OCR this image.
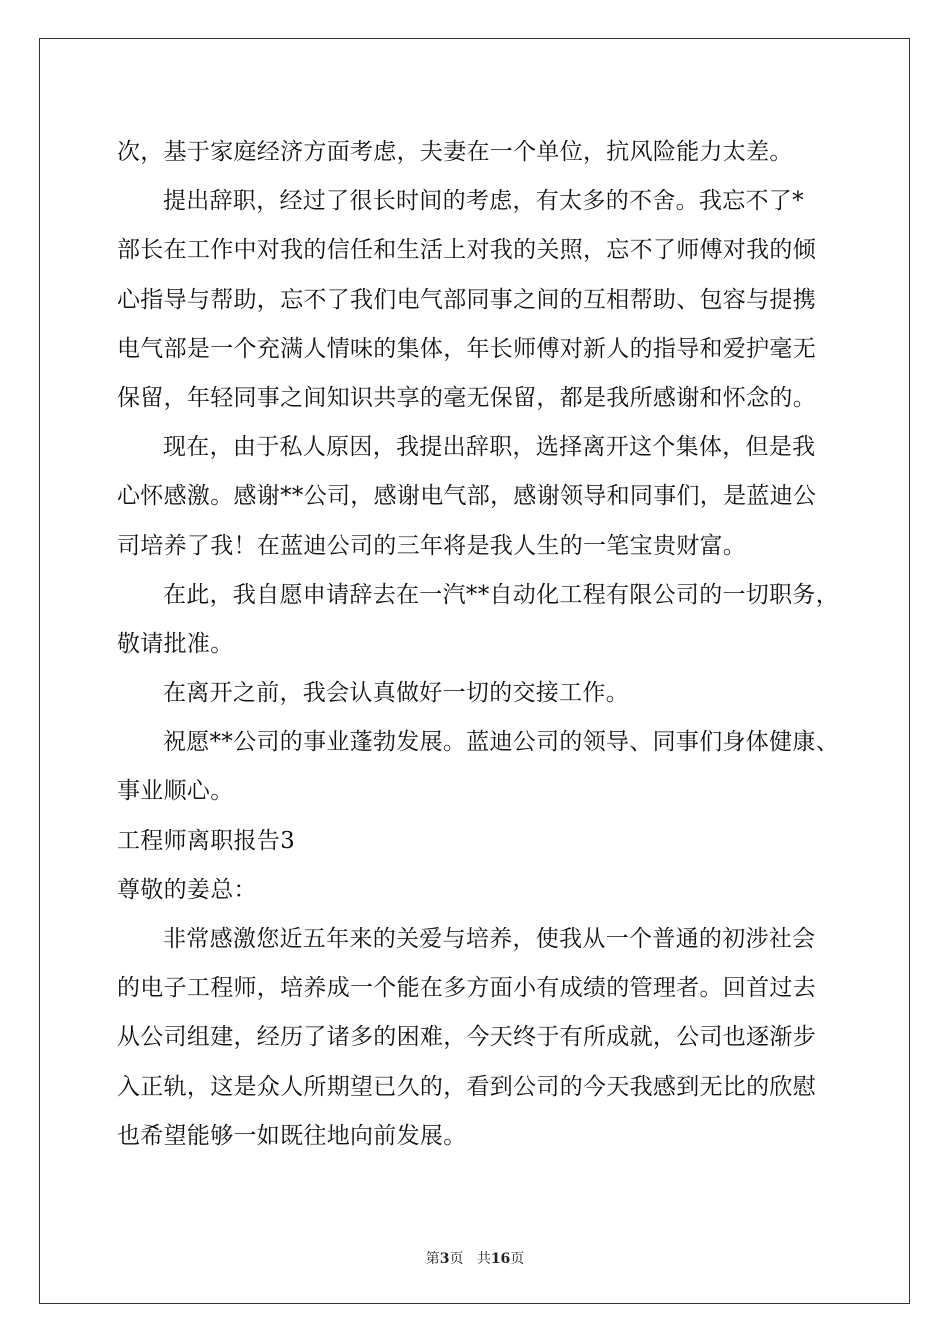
次，基于家庭经济方面考虑，夫妻在一个单位，抗风险能力太差。
提出辞职，经过了很长时间的考虑，有太多的不舍。我忘不了*
部长在工作中对我的信任和生活上对我的关照，忘不了师傅对我的倾
心指导与帮助，忘不了我们电气部同事之间的互相帮助、包容与提携
电气部是一个充满人情味的集体，年长师傅对新人的指导和爱护毫无
保留，年轻同事之间知识共享的毫无保留，都是我所感谢和怀念的。
现在，由于私人原因，我提出辞职，选择离开这个集体，但是我
心怀感激。感谢**公司，感谢电气部，感谢领导和同事们，是蓝迪公
司培养了我！在蓝迪公司的三年将是我人生的一笔宝贵财富。
在此，我自愿申请辞去在一汽**自动化工程有限公司的一切职务，
敬请批准。
在离开之前，我会认真做好一切的交接工作。
祝愿**公司的事业蓬勃发展。蓝迪公司的领导、同事们身体健康、
事业顺心。
工程师离职报告3
尊敬的姜总：
非常感激您近五年来的关爱与培养，使我从一个普通的初涉社会
的电子工程师，培养成一个能在多方面小有成绩的管理者。回首过去
从公司组建，经历了诸多的困难，今天终于有所成就，公司也逐渐步
入正轨，这是众人所期望已久的，看到公司的今天我感到无比的欣慰
也希望能够一如既往地向前发展。
第3页 共16页
